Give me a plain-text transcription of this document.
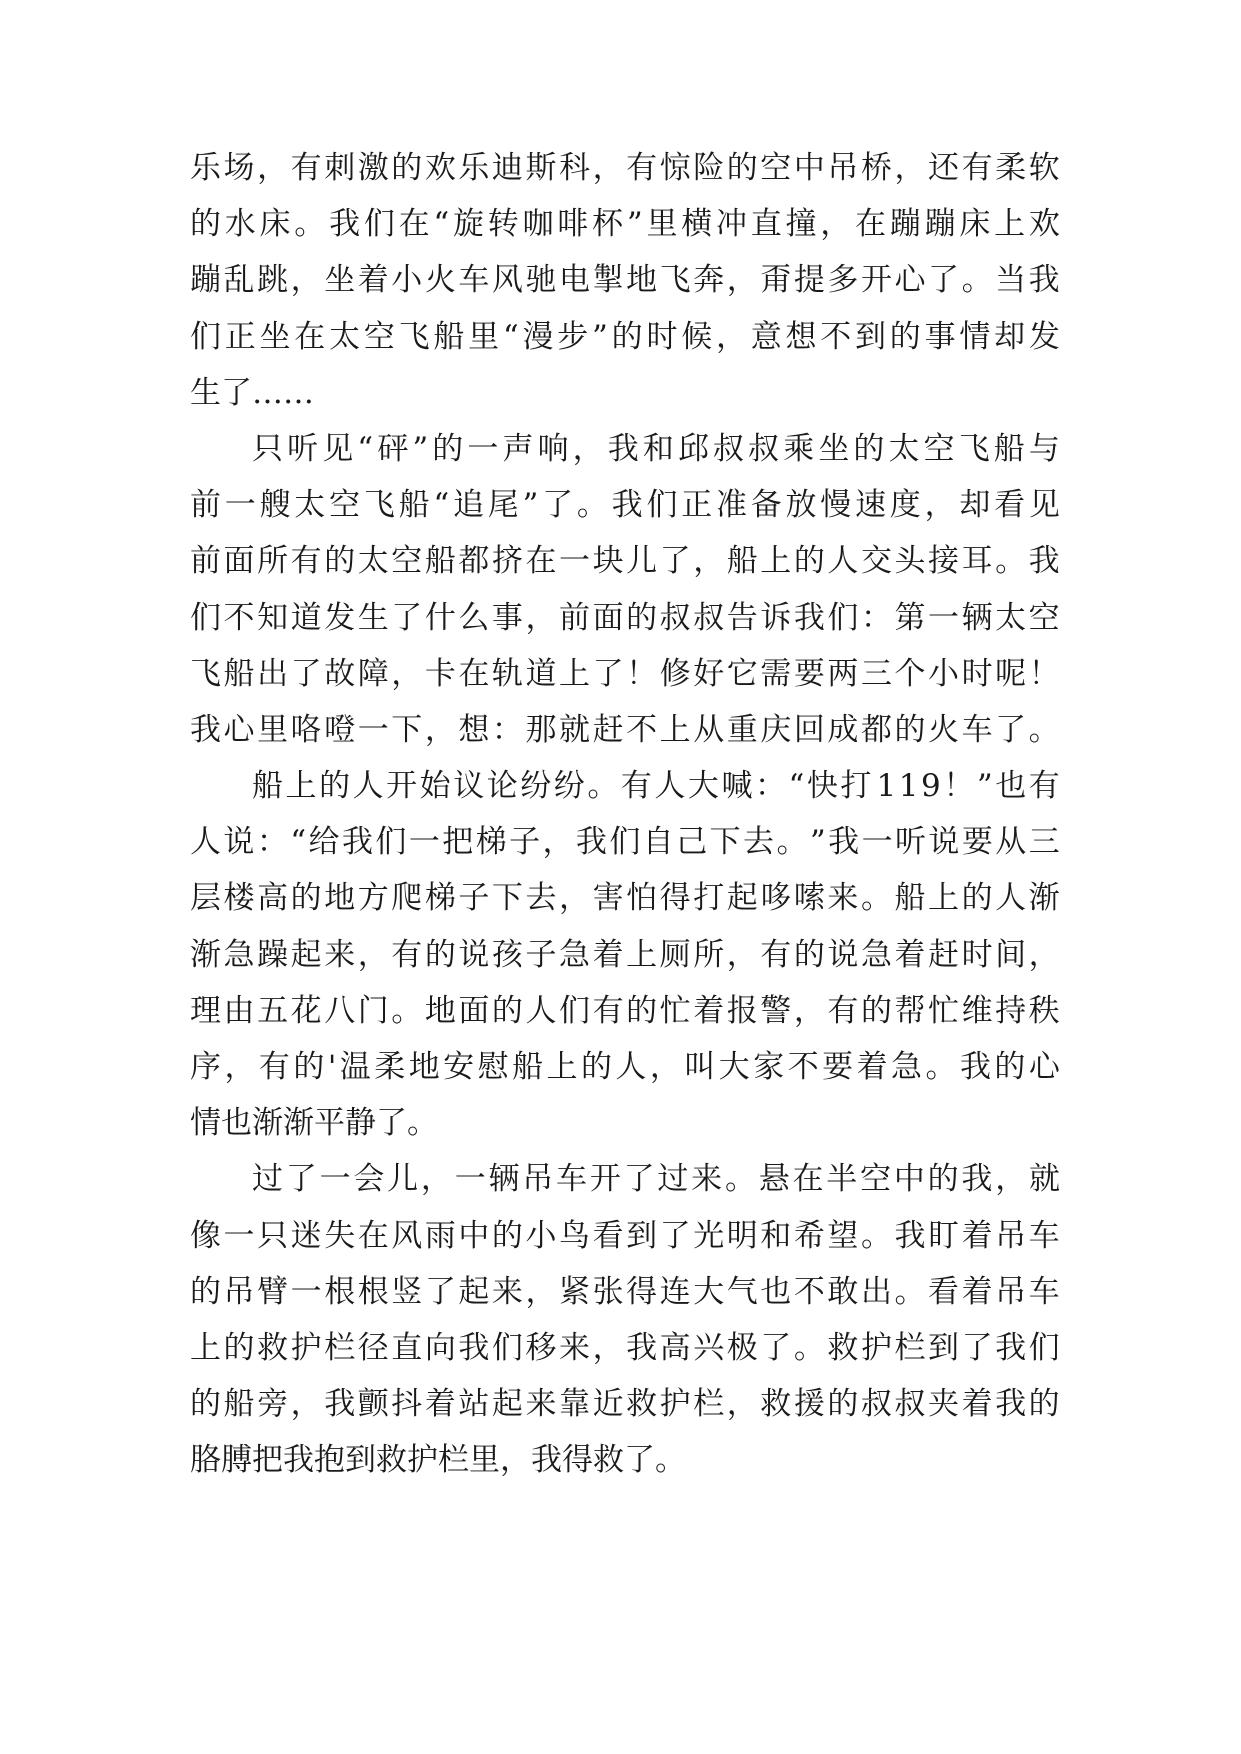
乐 场 ， 有 刺 激 的 欢 乐 迪 斯 科 ， 有 惊 险 的 空 中 吊 桥 ， 还 有 柔 软
的 水 床 。 我 们 在 “ 旋 转 咖 啡 杯 ” 里 横 冲 直 撞 ， 在 蹦 蹦 床 上 欢
蹦 乱 跳 ， 坐 着 小 火 车 风 驰 电 掣 地 飞 奔 ， 甭 提 多 开 心 了 。 当 我
们 正 坐 在 太 空 飞 船 里 “ 漫 步 ” 的 时 候 ， 意 想 不 到 的 事 情 却 发
生了……
只 听 见 “ 砰 ” 的 一 声 响 ， 我 和 邱 叔 叔 乘 坐 的 太 空 飞 船 与
前 一 艘 太 空 飞 船 “ 追 尾 ” 了 。 我 们 正 准 备 放 慢 速 度 ， 却 看 见
前 面 所 有 的 太 空 船 都 挤 在 一 块 儿 了 ， 船 上 的 人 交 头 接 耳 。 我
们 不 知 道 发 生 了 什 么 事 ， 前 面 的 叔 叔 告 诉 我 们 ： 第 一 辆 太 空
飞 船 出 了 故 障 ， 卡 在 轨 道 上 了 ！ 修 好 它 需 要 两 三 个 小 时 呢 ！
我 心 里 咯 噔 一 下 ， 想 ： 那 就 赶 不 上 从 重 庆 回 成 都 的 火 车 了 。
船 上 的 人 开 始 议 论 纷 纷 。 有 人 大 喊 ： “ 快 打 1 1 9 ！ ” 也 有
人 说 ： “ 给 我 们 一 把 梯 子 ， 我 们 自 己 下 去 。 ” 我 一 听 说 要 从 三
层 楼 高 的 地 方 爬 梯 子 下 去 ， 害 怕 得 打 起 哆 嗦 来 。 船 上 的 人 渐
渐 急 躁 起 来 ， 有 的 说 孩 子 急 着 上 厕 所 ， 有 的 说 急 着 赶 时 间 ，
理 由 五 花 八 门 。 地 面 的 人 们 有 的 忙 着 报 警 ， 有 的 帮 忙 维 持 秩
序 ， 有 的 ' 温 柔 地 安 慰 船 上 的 人 ， 叫 大 家 不 要 着 急 。 我 的 心
情也渐渐平静了。
过 了 一 会 儿 ， 一 辆 吊 车 开 了 过 来 。 悬 在 半 空 中 的 我 ， 就
像 一 只 迷 失 在 风 雨 中 的 小 鸟 看 到 了 光 明 和 希 望 。 我 盯 着 吊 车
的 吊 臂 一 根 根 竖 了 起 来 ， 紧 张 得 连 大 气 也 不 敢 出 。 看 着 吊 车
上 的 救 护 栏 径 直 向 我 们 移 来 ， 我 高 兴 极 了 。 救 护 栏 到 了 我 们
的 船 旁 ， 我 颤 抖 着 站 起 来 靠 近 救 护 栏 ， 救 援 的 叔 叔 夹 着 我 的
胳膊把我抱到救护栏里，我得救了。
